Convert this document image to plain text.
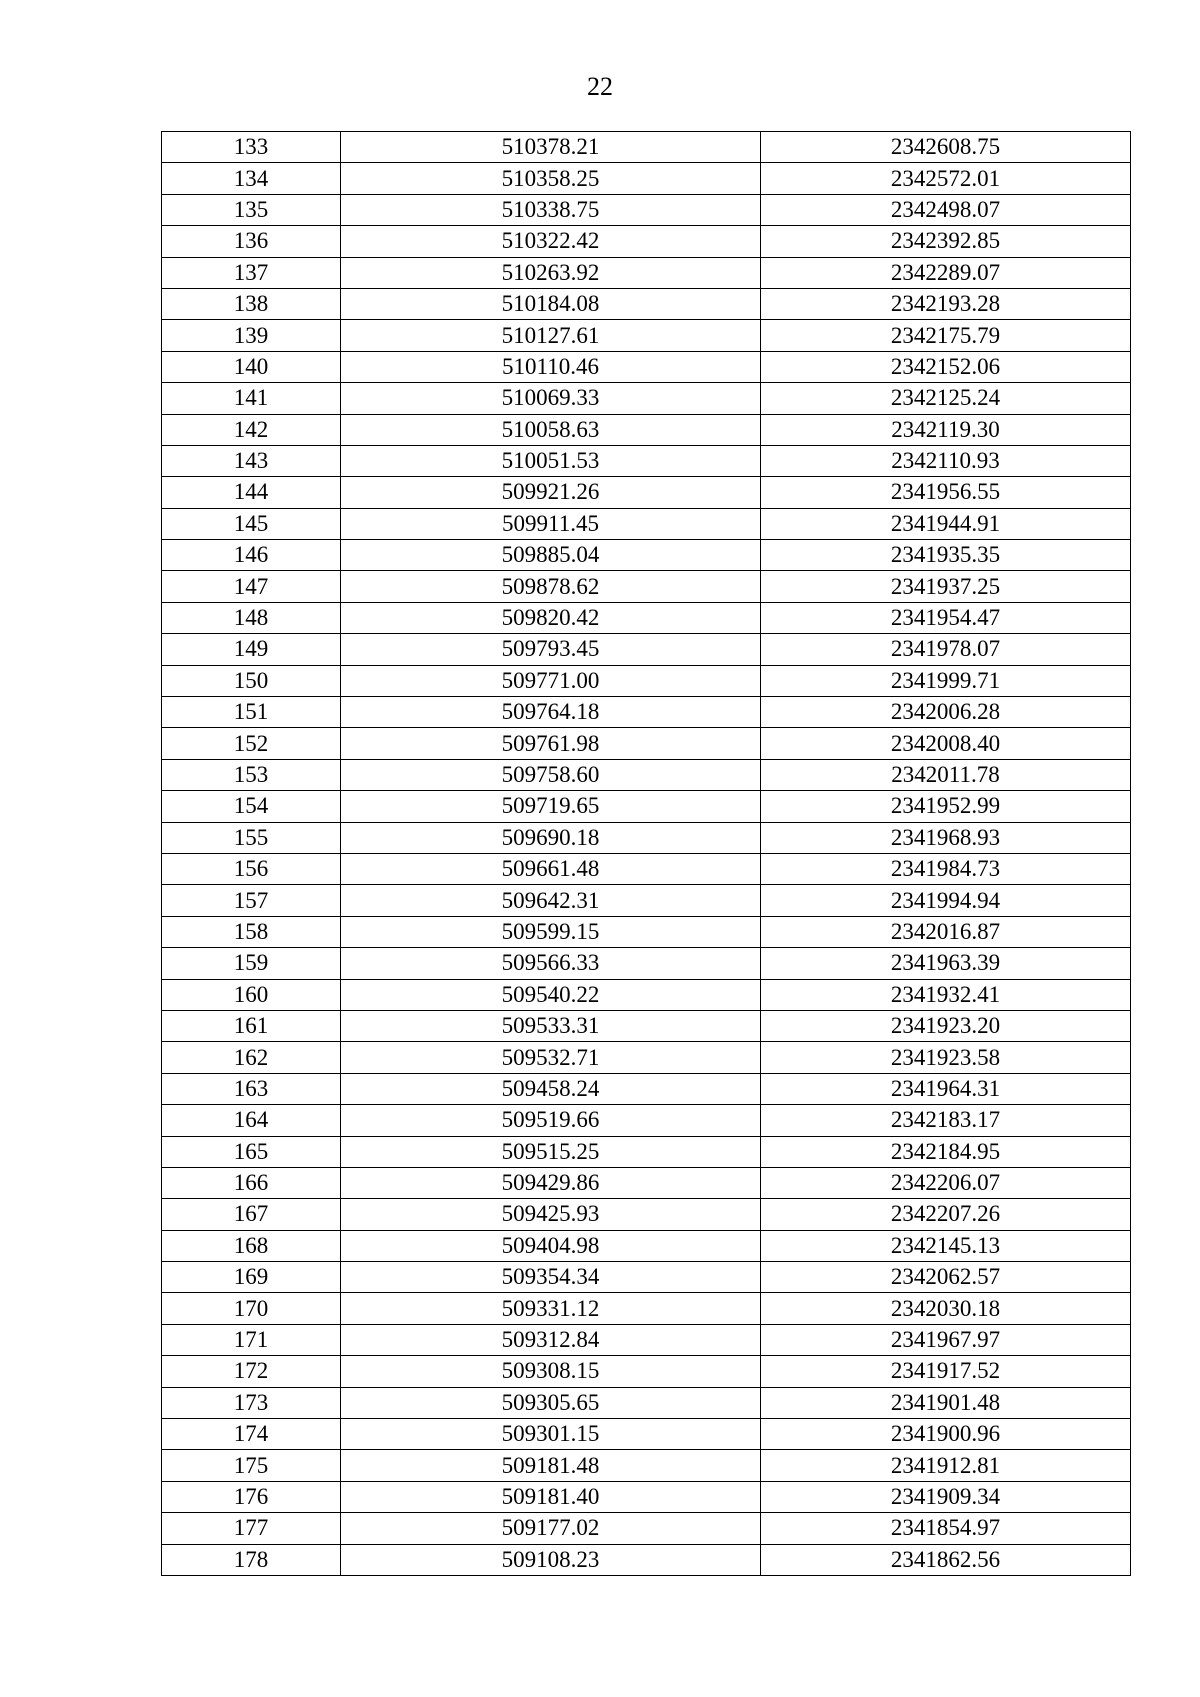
22
133	510378.21	2342608.75
134	510358.25	2342572.01
135	510338.75	2342498.07
136	510322.42	2342392.85
137	510263.92	2342289.07
138	510184.08	2342193.28
139	510127.61	2342175.79
140	510110.46	2342152.06
141	510069.33	2342125.24
142	510058.63	2342119.30
143	510051.53	2342110.93
144	509921.26	2341956.55
145	509911.45	2341944.91
146	509885.04	2341935.35
147	509878.62	2341937.25
148	509820.42	2341954.47
149	509793.45	2341978.07
150	509771.00	2341999.71
151	509764.18	2342006.28
152	509761.98	2342008.40
153	509758.60	2342011.78
154	509719.65	2341952.99
155	509690.18	2341968.93
156	509661.48	2341984.73
157	509642.31	2341994.94
158	509599.15	2342016.87
159	509566.33	2341963.39
160	509540.22	2341932.41
161	509533.31	2341923.20
162	509532.71	2341923.58
163	509458.24	2341964.31
164	509519.66	2342183.17
165	509515.25	2342184.95
166	509429.86	2342206.07
167	509425.93	2342207.26
168	509404.98	2342145.13
169	509354.34	2342062.57
170	509331.12	2342030.18
171	509312.84	2341967.97
172	509308.15	2341917.52
173	509305.65	2341901.48
174	509301.15	2341900.96
175	509181.48	2341912.81
176	509181.40	2341909.34
177	509177.02	2341854.97
178	509108.23	2341862.56
